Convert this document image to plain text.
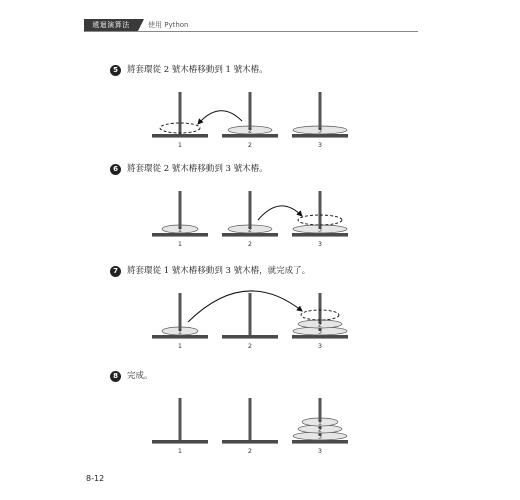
遞迴演算法	使用 Python
5	將套環從 2 號木樁移動到 1 號木樁。
1
2
2
3
3
6	將套環從 2 號木樁移動到 3 號木樁。
1
1
2
2
3
3
7	將套環從 1 號木樁移動到 3 號木樁，就完成了。
1
1	2
3
2
3
8	完成。
1	2
3
2
1
3
8-12
